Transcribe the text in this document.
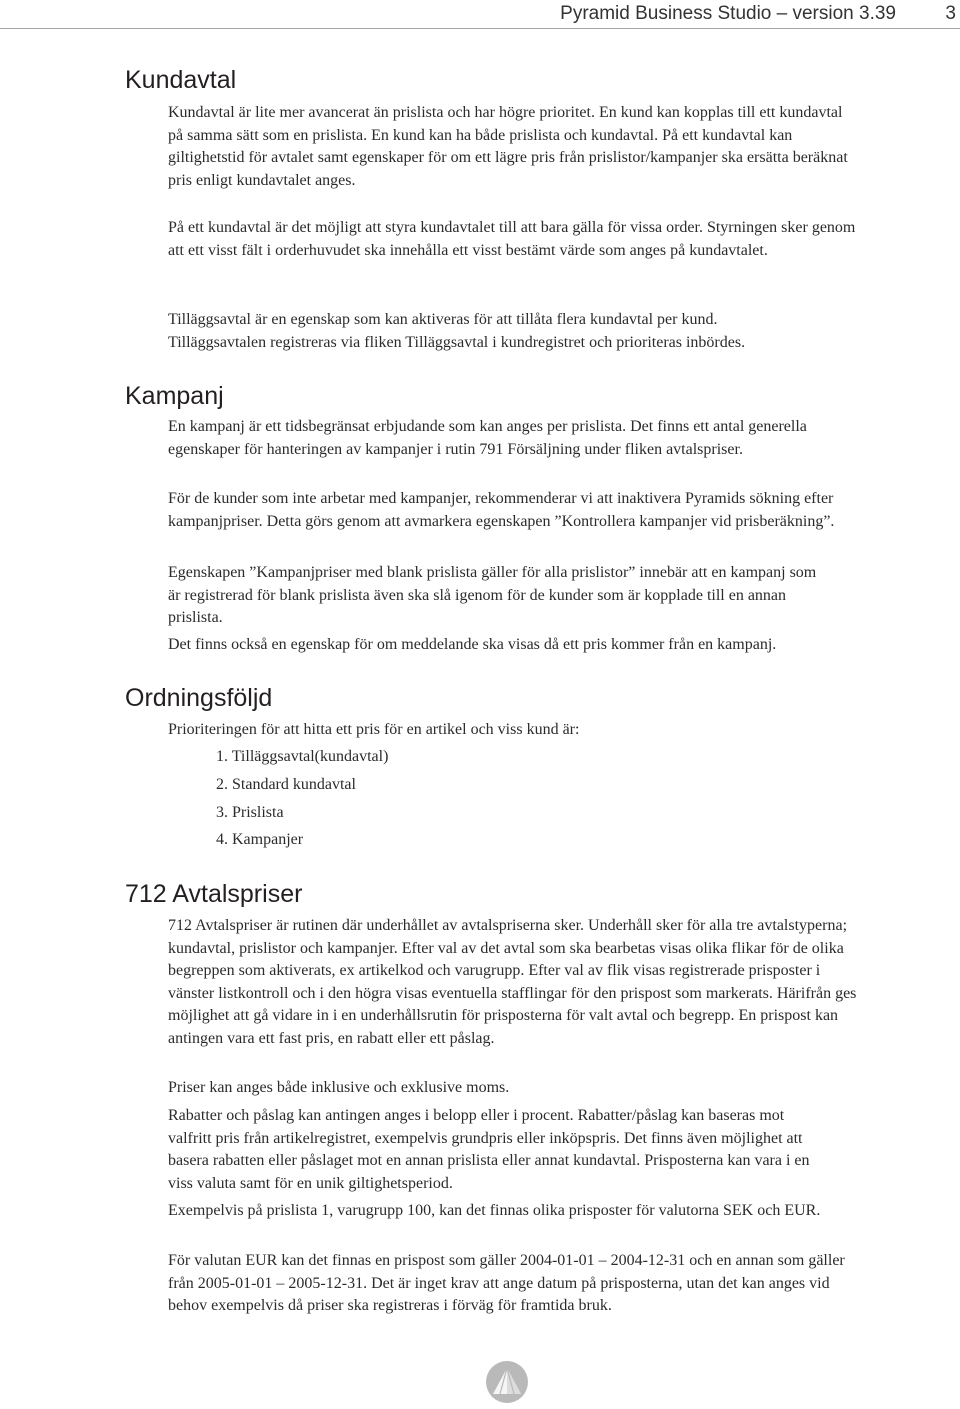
Pyramid Business Studio – version 3.39	3
Kundavtal

Kundavtal är lite mer avancerat än prislista och har högre prioritet. En kund kan kopplas till ett kundavtal på samma sätt som en prislista. En kund kan ha både prislista och kundavtal. På ett kundavtal kan giltighetstid för avtalet samt egenskaper för om ett lägre pris från prislistor/kampanjer ska ersätta beräknat pris enligt kundavtalet anges.

På ett kundavtal är det möjligt att styra kundavtalet till att bara gälla för vissa order. Styrningen sker genom att ett visst fält i orderhuvudet ska innehålla ett visst bestämt värde som anges på kundavtalet.

Tilläggsavtal är en egenskap som kan aktiveras för att tillåta flera kundavtal per kund. Tilläggsavtalen registreras via fliken Tilläggsavtal i kundregistret och prioriteras inbördes.

Kampanj

En kampanj är ett tidsbegränsat erbjudande som kan anges per prislista. Det finns ett antal generella egenskaper för hanteringen av kampanjer i rutin 791 Försäljning under fliken avtalspriser.

För de kunder som inte arbetar med kampanjer, rekommenderar vi att inaktivera Pyramids sökning efter kampanjpriser. Detta görs genom att avmarkera egenskapen ”Kontrollera kampanjer vid prisberäkning”.

Egenskapen ”Kampanjpriser med blank prislista gäller för alla prislistor” innebär att en kampanj som är registrerad för blank prislista även ska slå igenom för de kunder som är kopplade till en annan prislista.

Det finns också en egenskap för om meddelande ska visas då ett pris kommer från en kampanj.

Ordningsföljd

Prioriteringen för att hitta ett pris för en artikel och viss kund är:

1. Tilläggsavtal(kundavtal)

2. Standard kundavtal

3. Prislista

4. Kampanjer

712 Avtalspriser

712 Avtalspriser är rutinen där underhållet av avtalspriserna sker. Underhåll sker för alla tre avtalstyperna; kundavtal, prislistor och kampanjer. Efter val av det avtal som ska bearbetas visas olika flikar för de olika begreppen som aktiverats, ex artikelkod och varugrupp. Efter val av flik visas registrerade prisposter i vänster listkontroll och i den högra visas eventuella stafflingar för den prispost som markerats. Härifrån ges möjlighet att gå vidare in i en underhållsrutin för prisposterna för valt avtal och begrepp. En prispost kan antingen vara ett fast pris, en rabatt eller ett påslag.

Priser kan anges både inklusive och exklusive moms.

Rabatter och påslag kan antingen anges i belopp eller i procent. Rabatter/påslag kan baseras mot valfritt pris från artikelregistret, exempelvis grundpris eller inköpspris. Det finns även möjlighet att basera rabatten eller påslaget mot en annan prislista eller annat kundavtal. Prisposterna kan vara i en viss valuta samt för en unik giltighetsperiod.

Exempelvis på prislista 1, varugrupp 100, kan det finnas olika prisposter för valutorna SEK och EUR.

För valutan EUR kan det finnas en prispost som gäller 2004-01-01 – 2004-12-31 och en annan som gäller från 2005-01-01 – 2005-12-31. Det är inget krav att ange datum på prisposterna, utan det kan anges vid behov exempelvis då priser ska registreras i förväg för framtida bruk.
